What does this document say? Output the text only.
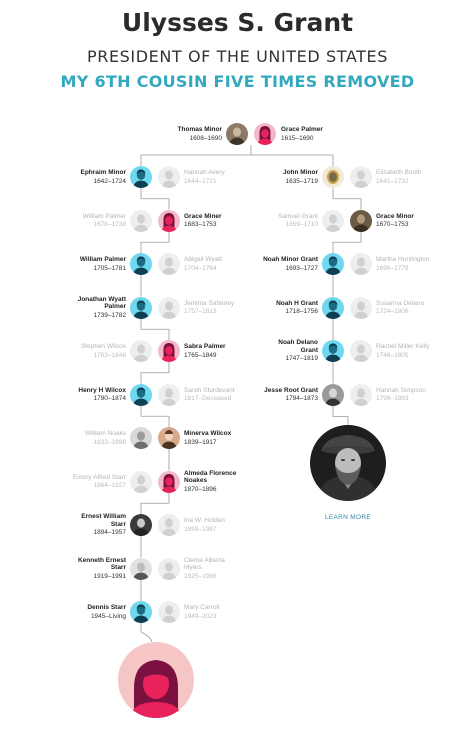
Ulysses S. Grant
PRESIDENT OF THE UNITED STATES
MY 6TH COUSIN FIVE TIMES REMOVED
Thomas Minor
1608–1690
Grace Palmer
1615–1690
Ephraim Minor
1642–1724
Hannah Avery
1644–1721
William Palmer
1678–1738
Grace Miner
1683–1753
William Palmer
1705–1781
Abigail Wyatt
1704–1784
Jonathan Wyatt Palmer
1739–1782
Jemima Satterley
1757–1813
Stephen Wilcox
1763–1848
Sabra Palmer
1765–1849
Henry H Wilcox
1790–1874
Sarah Sturdevant
1817–Deceased
William Noaks
1833–1898
Minerva Wilcox
1839–1917
Emory Alfred Starr
1864–1927
Almeda Florence Noakes
1870–1896
Ernest William Starr
1894–1957
Ina W. Holden
1899–1987
Kenneth Ernest Starr
1919–1991
Clema Alberta Myers
1925–1986
Dennis Starr
1945–Living
Mary Carroll
1949–2023
John Minor
1635–1719
Elizabeth Booth
1641–1732
Samuel Grant
1659–1710
Grace Minor
1670–1753
Noah Minor Grant
1693–1727
Martha Huntington
1696–1779
Noah H Grant
1718–1756
Susanna Delano
1724–1806
Noah Delano Grant
1747–1819
Rachel Miller Kelly
1746–1805
Jesse Root Grant
1794–1873
Hannah Simpson
1798–1883
LEARN MORE
